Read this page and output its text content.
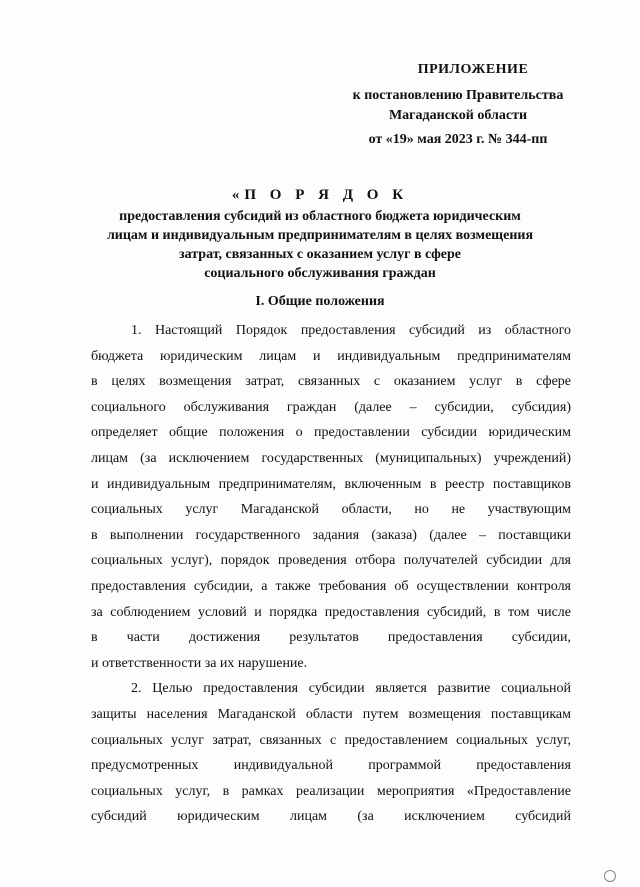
ПРИЛОЖЕНИЕ
к постановлению Правительства
Магаданской области
от «19» мая 2023 г. № 344-пп
«П О Р Я Д О К
предоставления субсидий из областного бюджета юридическим
лицам и индивидуальным предпринимателям в целях возмещения
затрат, связанных с оказанием услуг в сфере
социального обслуживания граждан
I. Общие положения

1. Настоящий Порядок предоставления субсидий из областного

бюджета юридическим лицам и индивидуальным предпринимателям

в целях возмещения затрат, связанных с оказанием услуг в сфере

социального обслуживания граждан (далее – субсидии, субсидия)

определяет общие положения о предоставлении субсидии юридическим

лицам (за исключением государственных (муниципальных) учреждений)

и индивидуальным предпринимателям, включенным в реестр поставщиков

социальных услуг Магаданской области, но не участвующим

в выполнении государственного задания (заказа) (далее – поставщики

социальных услуг), порядок проведения отбора получателей субсидии для

предоставления субсидии, а также требования об осуществлении контроля

за соблюдением условий и порядка предоставления субсидий, в том числе

в части достижения результатов предоставления субсидии,

и ответственности за их нарушение.

2. Целью предоставления субсидии является развитие социальной

защиты населения Магаданской области путем возмещения поставщикам

социальных услуг затрат, связанных с предоставлением социальных услуг,

предусмотренных индивидуальной программой предоставления

социальных услуг, в рамках реализации мероприятия «Предоставление

субсидий юридическим лицам (за исключением субсидий
